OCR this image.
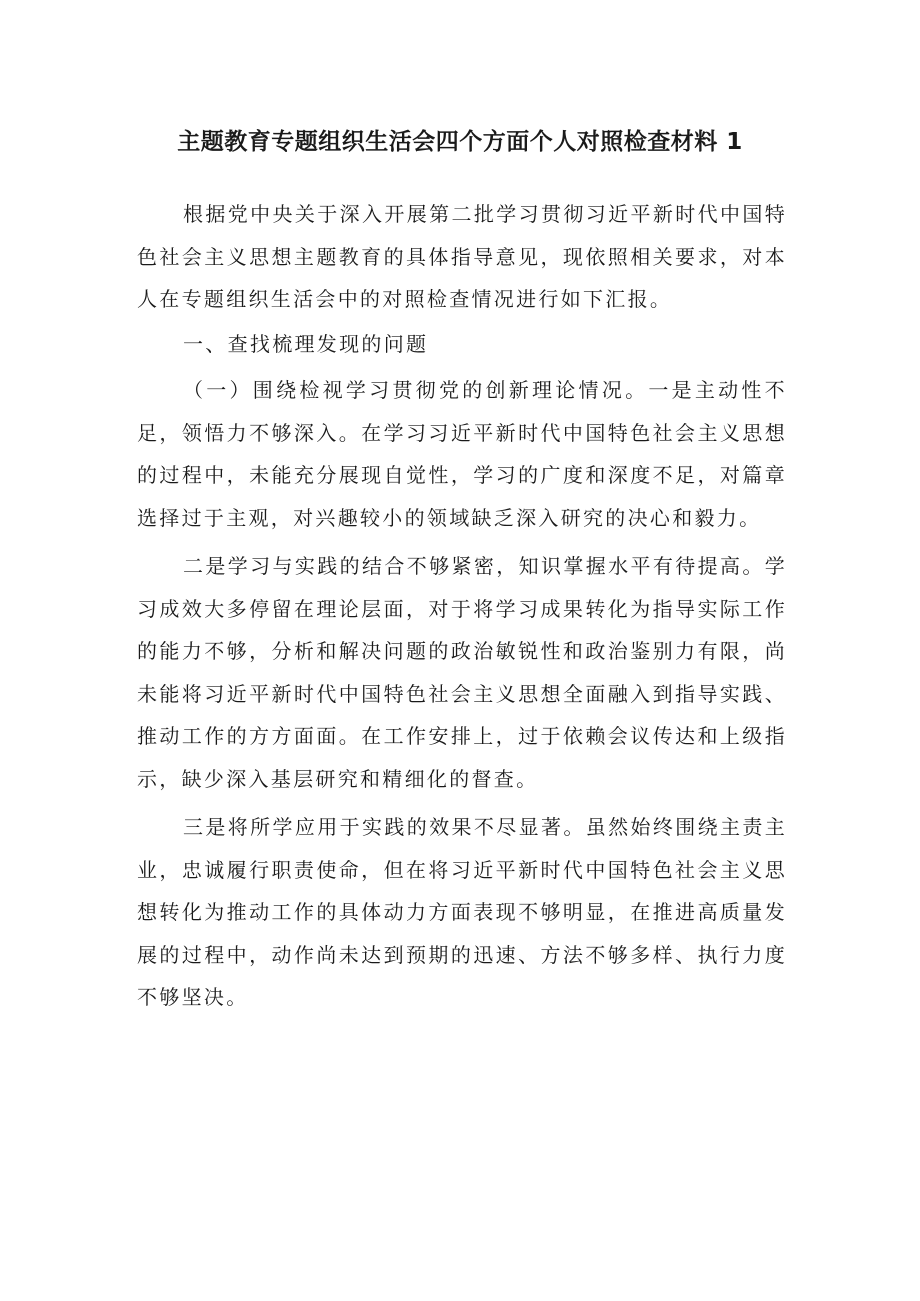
主题教育专题组织生活会四个方面个人对照检查材料 1

根据党中央关于深入开展第二批学习贯彻习近平新时代中国特色社会主义思想主题教育的具体指导意见，现依照相关要求，对本人在专题组织生活会中的对照检查情况进行如下汇报。

一、查找梳理发现的问题

（一）围绕检视学习贯彻党的创新理论情况。一是主动性不足，领悟力不够深入。在学习习近平新时代中国特色社会主义思想的过程中，未能充分展现自觉性，学习的广度和深度不足，对篇章选择过于主观，对兴趣较小的领域缺乏深入研究的决心和毅力。

二是学习与实践的结合不够紧密，知识掌握水平有待提高。学习成效大多停留在理论层面，对于将学习成果转化为指导实际工作的能力不够，分析和解决问题的政治敏锐性和政治鉴别力有限，尚未能将习近平新时代中国特色社会主义思想全面融入到指导实践、推动工作的方方面面。在工作安排上，过于依赖会议传达和上级指示，缺少深入基层研究和精细化的督查。

三是将所学应用于实践的效果不尽显著。虽然始终围绕主责主业，忠诚履行职责使命，但在将习近平新时代中国特色社会主义思想转化为推动工作的具体动力方面表现不够明显，在推进高质量发展的过程中，动作尚未达到预期的迅速、方法不够多样、执行力度不够坚决。
